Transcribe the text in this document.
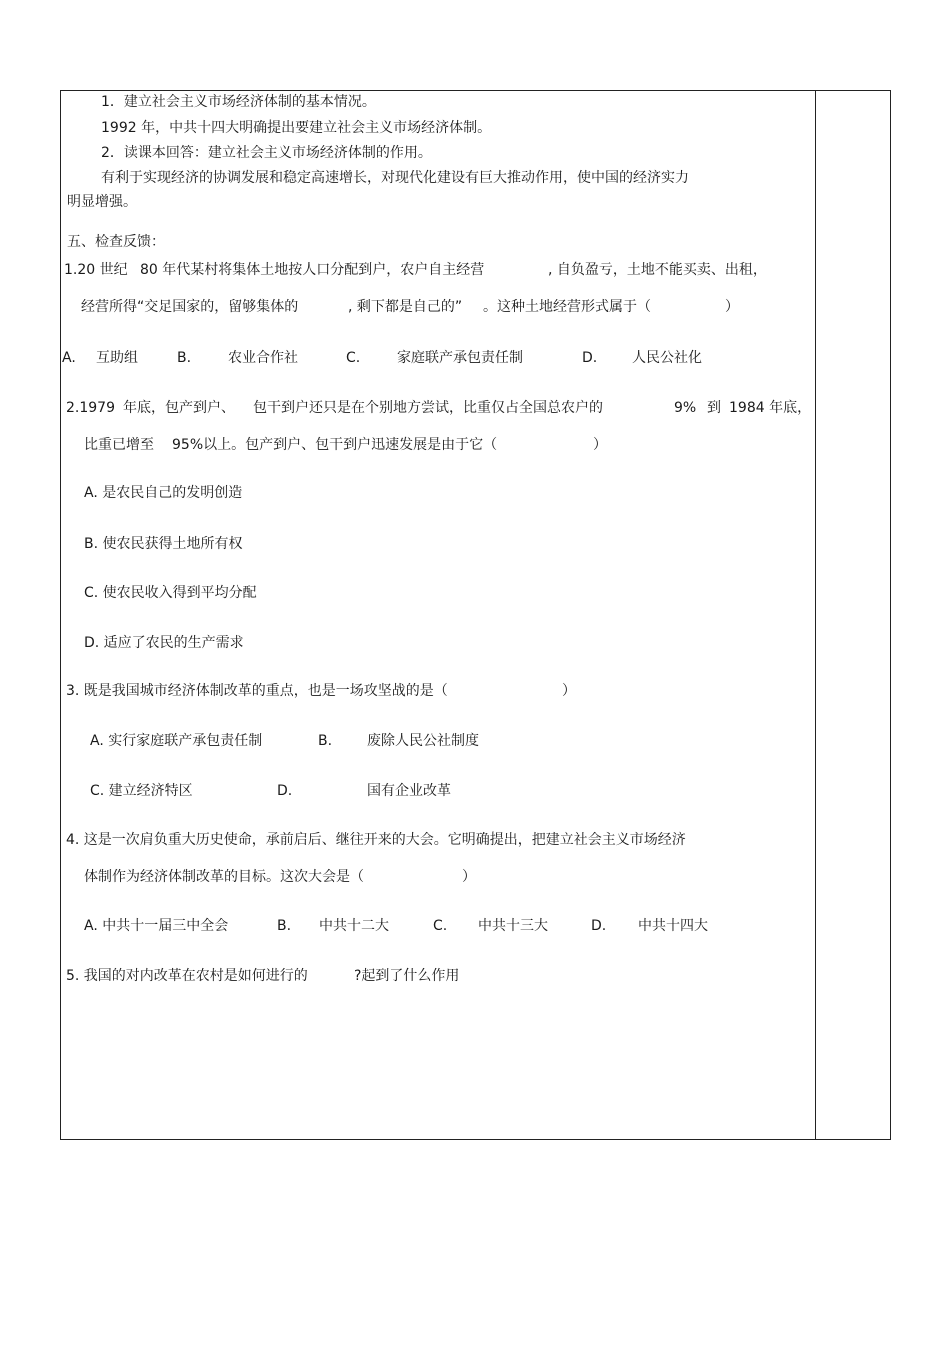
1．建立社会主义市场经济体制的基本情况。
1992 年，中共十四大明确提出要建立社会主义市场经济体制。
2．读课本回答：建立社会主义市场经济体制的作用。
有利于实现经济的协调发展和稳定高速增长，对现代化建设有巨大推动作用，使中国的经济实力
明显增强。
五、检查反馈：
1.20 世纪 80 年代某村将集体土地按人口分配到户，农户自主经营	, 自负盈亏，土地不能买卖、出租，
经营所得“交足国家的，留够集体的	, 剩下都是自己的” 。这种土地经营形式属于（	）
A. 互助组	B.	农业合作社	C.	家庭联产承包责任制	D. 人民公社化
2.1979 年底，包产到户、 包干到户还只是在个别地方尝试，比重仅占全国总农户的	9% 到 1984 年底，
比重已增至 95%以上。包产到户、包干到户迅速发展是由于它（	）
A. 是农民自己的发明创造
B. 使农民获得土地所有权
C. 使农民收入得到平均分配
D. 适应了农民的生产需求
3. 既是我国城市经济体制改革的重点，也是一场攻坚战的是（	）
A. 实行家庭联产承包责任制	B. 废除人民公社制度
C. 建立经济特区	D.	国有企业改革
4. 这是一次肩负重大历史使命，承前启后、继往开来的大会。它明确提出，把建立社会主义市场经济
体制作为经济体制改革的目标。这次大会是（	）
A. 中共十一届三中全会	B. 中共十二大	C. 中共十三大	D. 中共十四大
5. 我国的对内改革在农村是如何进行的	?起到了什么作用
